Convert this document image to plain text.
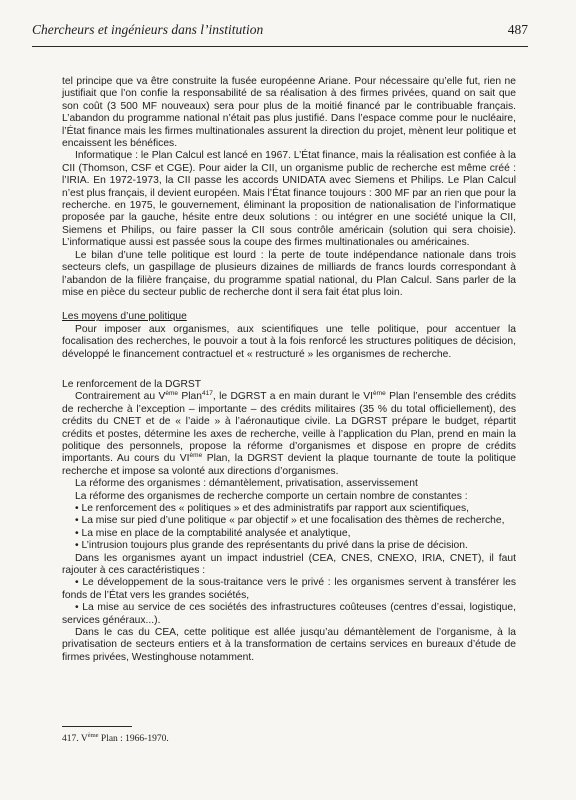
Chercheurs et ingénieurs dans l’institution	487

tel principe que va être construite la fusée européenne Ariane. Pour nécessaire qu’elle fut, rien ne justifiait que l’on confie la responsabilité de sa réalisation à des firmes privées, quand on sait que son coût (3 500 MF nouveaux) sera pour plus de la moitié financé par le contribuable français. L’abandon du programme national n’était pas plus justifié. Dans l’espace comme pour le nucléaire, l’État finance mais les firmes multinationales assurent la direction du projet, mènent leur politique et encaissent les bénéfices.

Informatique : le Plan Calcul est lancé en 1967. L’État finance, mais la réalisation est confiée à la CII (Thomson, CSF et CGE). Pour aider la CII, un organisme public de recherche est même créé : l’IRIA. En 1972-1973, la CII passe les accords UNIDATA avec Siemens et Philips. Le Plan Calcul n’est plus français, il devient européen. Mais l’État finance toujours : 300 MF par an rien que pour la recherche. en 1975, le gouvernement, éliminant la proposition de nationalisation de l’informatique proposée par la gauche, hésite entre deux solutions : ou intégrer en une société unique la CII, Siemens et Philips, ou faire passer la CII sous contrôle américain (solution qui sera choisie). L’informatique aussi est passée sous la coupe des firmes multinationales ou américaines.

Le bilan d’une telle politique est lourd : la perte de toute indépendance nationale dans trois secteurs clefs, un gaspillage de plusieurs dizaines de milliards de francs lourds correspondant à l’abandon de la filière française, du programme spatial national, du Plan Calcul. Sans parler de la mise en pièce du secteur public de recherche dont il sera fait état plus loin.

Les moyens d’une politique

Pour imposer aux organismes, aux scientifiques une telle politique, pour accentuer la focalisation des recherches, le pouvoir a tout à la fois renforcé les structures politiques de décision, développé le financement contractuel et « restructuré » les organismes de recherche.

Le renforcement de la DGRST

Contrairement au Vème Plan$^{417}$, le DGRST a en main durant le VIème Plan l’ensemble des crédits de recherche à l’exception – importante – des crédits militaires (35 % du total officiellement), des crédits du CNET et de « l’aide » à l’aéronautique civile. La DGRST prépare le budget, répartit crédits et postes, détermine les axes de recherche, veille à l’application du Plan, prend en main la politique des personnels, propose la réforme d’organismes et dispose en propre de crédits importants. Au cours du VIème Plan, la DGRST devient la plaque tournante de toute la politique recherche et impose sa volonté aux directions d’organismes.

La réforme des organismes : démantèlement, privatisation, asservissement

La réforme des organismes de recherche comporte un certain nombre de constantes :

• Le renforcement des « politiques » et des administratifs par rapport aux scientifiques,

• La mise sur pied d’une politique « par objectif » et une focalisation des thèmes de recherche,

• La mise en place de la comptabilité analysée et analytique,

• L’intrusion toujours plus grande des représentants du privé dans la prise de décision.

Dans les organismes ayant un impact industriel (CEA, CNES, CNEXO, IRIA, CNET), il faut rajouter à ces caractéristiques :

• Le développement de la sous-traitance vers le privé : les organismes servent à transférer les fonds de l’État vers les grandes sociétés,

• La mise au service de ces sociétés des infrastructures coûteuses (centres d’essai, logistique, services généraux...).

Dans le cas du CEA, cette politique est allée jusqu’au démantèlement de l’organisme, à la privatisation de secteurs entiers et à la transformation de certains services en bureaux d’étude de firmes privées, Westinghouse notamment.

417. Vème Plan : 1966-1970.
